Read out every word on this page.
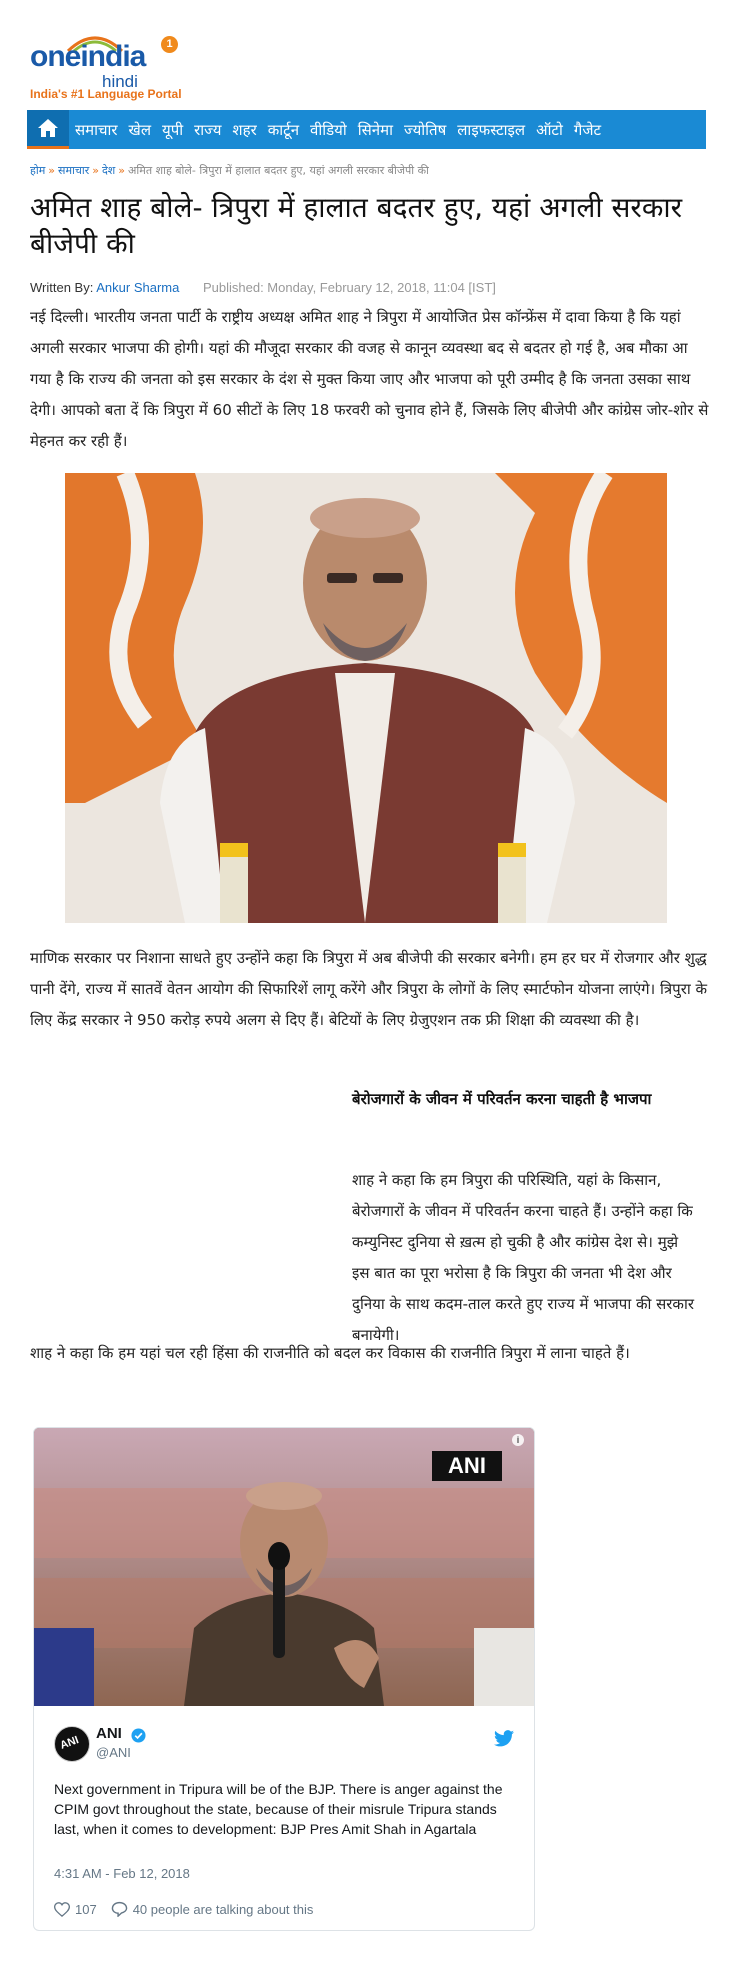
oneindia	1
hindi
India's #1 Language Portal
समाचार खेल यूपी राज्य शहर कार्टून वीडियो सिनेमा ज्योतिष लाइफस्टाइल ऑटो गैजेट
होम » समाचार » देश » अमित शाह बोले- त्रिपुरा में हालात बदतर हुए, यहां अगली सरकार बीजेपी की
अमित शाह बोले- त्रिपुरा में हालात बदतर हुए, यहां अगली सरकार बीजेपी की
Written By: Ankur Sharma Published: Monday, February 12, 2018, 11:04 [IST]

नई दिल्ली। भारतीय जनता पार्टी के राष्ट्रीय अध्यक्ष अमित शाह ने त्रिपुरा में आयोजित प्रेस कॉन्फ्रेंस में दावा किया है कि यहां अगली सरकार भाजपा की होगी। यहां की मौजूदा सरकार की वजह से कानून व्यवस्था बद से बदतर हो गई है, अब मौका आ गया है कि राज्य की जनता को इस सरकार के दंश से मुक्त किया जाए और भाजपा को पूरी उम्मीद है कि जनता उसका साथ देगी। आपको बता दें कि त्रिपुरा में 60 सीटों के लिए 18 फरवरी को चुनाव होने हैं, जिसके लिए बीजेपी और कांग्रेस जोर-शोर से मेहनत कर रही हैं।

माणिक सरकार पर निशाना साधते हुए उन्होंने कहा कि त्रिपुरा में अब बीजेपी की सरकार बनेगी। हम हर घर में रोजगार और शुद्ध पानी देंगे, राज्य में सातवें वेतन आयोग की सिफारिशें लागू करेंगे और त्रिपुरा के लोगों के लिए स्मार्टफोन योजना लाएंगे। त्रिपुरा के लिए केंद्र सरकार ने 950 करोड़ रुपये अलग से दिए हैं। बेटियों के लिए ग्रेजुएशन तक फ्री शिक्षा की व्यवस्था की है।

बेरोजगारों के जीवन में परिवर्तन करना चाहती है भाजपा

शाह ने कहा कि हम त्रिपुरा की परिस्थिति, यहां के किसान, बेरोजगारों के जीवन में परिवर्तन करना चाहते हैं। उन्होंने कहा कि कम्युनिस्ट दुनिया से ख़त्म हो चुकी है और कांग्रेस देश से। मुझे इस बात का पूरा भरोसा है कि त्रिपुरा की जनता भी देश और दुनिया के साथ कदम-ताल करते हुए राज्य में भाजपा की सरकार बनायेगी।

शाह ने कहा कि हम यहां चल रही हिंसा की राजनीति को बदल कर विकास की राजनीति त्रिपुरा में लाना चाहते हैं।

ANI
i
ANI
ANI
@ANI

Next government in Tripura will be of the BJP. There is anger against the CPIM govt throughout the state, because of their misrule Tripura stands last, when it comes to development: BJP Pres Amit Shah in Agartala

4:31 AM - Feb 12, 2018
107	40 people are talking about this
